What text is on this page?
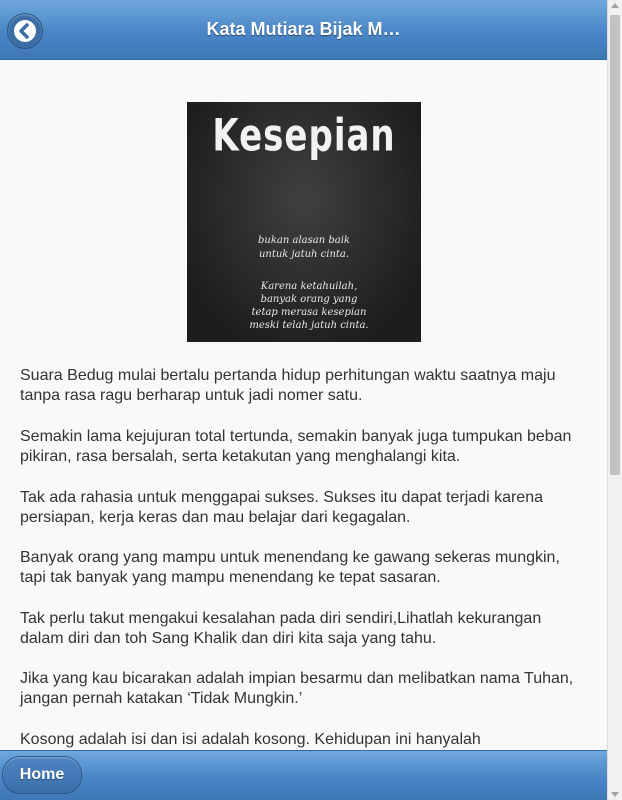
Kata Mutiara Bijak M…
Kesepian
bukan alasan baik
untuk jatuh cinta.
Karena ketahuilah,
banyak orang yang
tetap merasa kesepian
meski telah jatuh cinta.

Suara Bedug mulai bertalu pertanda hidup perhitungan waktu saatnya maju tanpa rasa ragu berharap untuk jadi nomer satu.

Semakin lama kejujuran total tertunda, semakin banyak juga tumpukan beban pikiran, rasa bersalah, serta ketakutan yang menghalangi kita.

Tak ada rahasia untuk menggapai sukses. Sukses itu dapat terjadi karena persiapan, kerja keras dan mau belajar dari kegagalan.

Banyak orang yang mampu untuk menendang ke gawang sekeras mungkin, tapi tak banyak yang mampu menendang ke tepat sasaran.

Tak perlu takut mengakui kesalahan pada diri sendiri,Lihatlah kekurangan dalam diri dan toh Sang Khalik dan diri kita saja yang tahu.

Jika yang kau bicarakan adalah impian besarmu dan melibatkan nama Tuhan, jangan pernah katakan ‘Tidak Mungkin.’

Kosong adalah isi dan isi adalah kosong. Kehidupan ini hanyalah

Home
